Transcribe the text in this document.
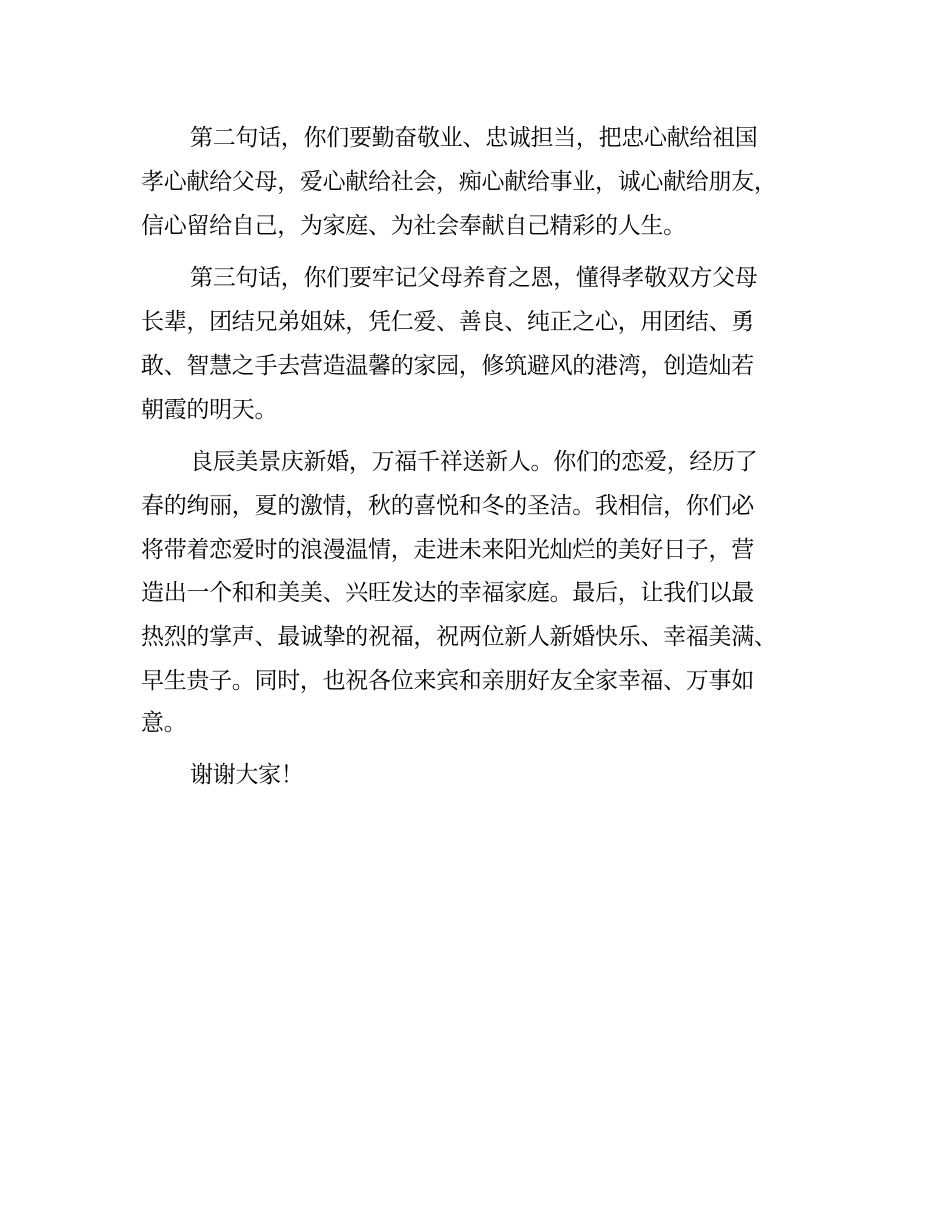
第二句话，你们要勤奋敬业、忠诚担当，把忠心献给祖国
孝心献给父母，爱心献给社会，痴心献给事业，诚心献给朋友，
信心留给自己，为家庭、为社会奉献自己精彩的人生。
第三句话，你们要牢记父母养育之恩，懂得孝敬双方父母
长辈，团结兄弟姐妹，凭仁爱、善良、纯正之心，用团结、勇
敢、智慧之手去营造温馨的家园，修筑避风的港湾，创造灿若
朝霞的明天。
良辰美景庆新婚，万福千祥送新人。你们的恋爱，经历了
春的绚丽，夏的激情，秋的喜悦和冬的圣洁。我相信，你们必
将带着恋爱时的浪漫温情，走进未来阳光灿烂的美好日子，营
造出一个和和美美、兴旺发达的幸福家庭。最后，让我们以最
热烈的掌声、最诚挚的祝福，祝两位新人新婚快乐、幸福美满、
早生贵子。同时，也祝各位来宾和亲朋好友全家幸福、万事如
意。
谢谢大家！
